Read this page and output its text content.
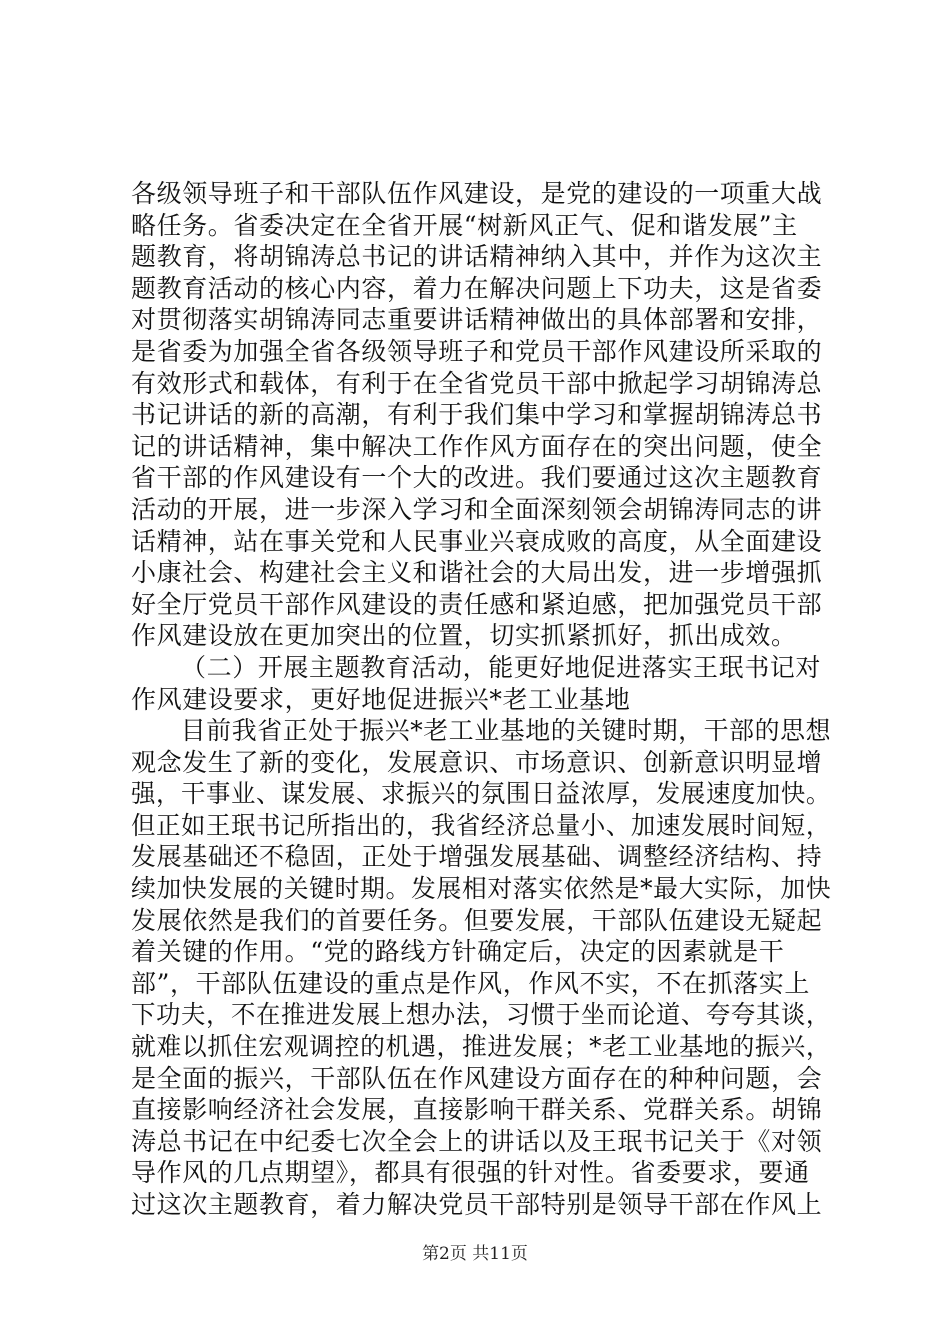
各级领导班子和干部队伍作风建设，是党的建设的一项重大战
略任务。省委决定在全省开展“树新风正气、促和谐发展”主
题教育，将胡锦涛总书记的讲话精神纳入其中，并作为这次主
题教育活动的核心内容，着力在解决问题上下功夫，这是省委
对贯彻落实胡锦涛同志重要讲话精神做出的具体部署和安排，
是省委为加强全省各级领导班子和党员干部作风建设所采取的
有效形式和载体，有利于在全省党员干部中掀起学习胡锦涛总
书记讲话的新的高潮，有利于我们集中学习和掌握胡锦涛总书
记的讲话精神，集中解决工作作风方面存在的突出问题，使全
省干部的作风建设有一个大的改进。我们要通过这次主题教育
活动的开展，进一步深入学习和全面深刻领会胡锦涛同志的讲
话精神，站在事关党和人民事业兴衰成败的高度，从全面建设
小康社会、构建社会主义和谐社会的大局出发，进一步增强抓
好全厅党员干部作风建设的责任感和紧迫感，把加强党员干部
作风建设放在更加突出的位置，切实抓紧抓好，抓出成效。
（二）开展主题教育活动，能更好地促进落实王珉书记对
作风建设要求，更好地促进振兴*老工业基地
目前我省正处于振兴*老工业基地的关键时期，干部的思想
观念发生了新的变化，发展意识、市场意识、创新意识明显增
强，干事业、谋发展、求振兴的氛围日益浓厚，发展速度加快。
但正如王珉书记所指出的，我省经济总量小、加速发展时间短，
发展基础还不稳固，正处于增强发展基础、调整经济结构、持
续加快发展的关键时期。发展相对落实依然是*最大实际，加快
发展依然是我们的首要任务。但要发展，干部队伍建设无疑起
着关键的作用。“党的路线方针确定后，决定的因素就是干
部”，干部队伍建设的重点是作风，作风不实，不在抓落实上
下功夫，不在推进发展上想办法，习惯于坐而论道、夸夸其谈，
就难以抓住宏观调控的机遇，推进发展；*老工业基地的振兴，
是全面的振兴，干部队伍在作风建设方面存在的种种问题，会
直接影响经济社会发展，直接影响干群关系、党群关系。胡锦
涛总书记在中纪委七次全会上的讲话以及王珉书记关于《对领
导作风的几点期望》，都具有很强的针对性。省委要求，要通
过这次主题教育，着力解决党员干部特别是领导干部在作风上
第2页 共11页
